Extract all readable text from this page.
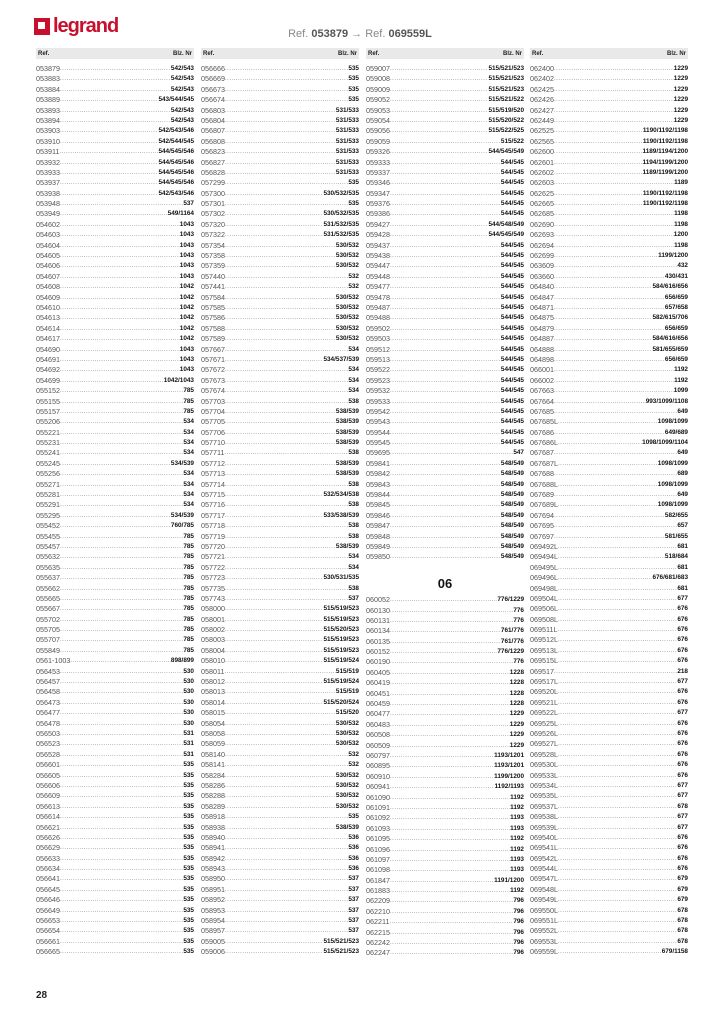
legrand	Ref. 053879 → Ref. 069559L
Ref.	Blz. Nr
053879 .....	542/543
053883 .....	542/543
053884 .....	542/543
053889 .....	543/544/545
053893 .....	542/543
053894 .....	542/543
053903 .....	542/543/546
053910 .....	542/544/545
053911 .....	544/545/546
053932 .....	544/545/546
053933 .....	544/545/546
053937 .....	544/545/546
053938 .....	542/543/546
053948 .....	537
053949 .....	549/1164
054602 .....	1043
054603 .....	1043
054604 .....	1043
054605 .....	1043
054606 .....	1043
054607 .....	1043
054608 .....	1042
054609 .....	1042
054610 .....	1042
054613 .....	1042
054614 .....	1042
054617 .....	1042
054690 .....	1043
054691 .....	1043
054692 .....	1043
054699 .....	1042/1043
055152 .....	785
055155 .....	785
055157 .....	785
055206 .....	534
055221 .....	534
055231 .....	534
055241 .....	534
055245 .....	534/539
055256 .....	534
055271 .....	534
055281 .....	534
055291 .....	534
055295 .....	534/539
055452 .....	760/785
055455 .....	785
055457 .....	785
055632 .....	785
055635 .....	785
055637 .....	785
055662 .....	785
055665 .....	785
055667 .....	785
055702 .....	785
055705 .....	785
055707 .....	785
055849 .....	785
0561-1003 .....	898/899
056453 .....	530
056457 .....	530
056458 .....	530
056473 .....	530
056477 .....	530
056478 .....	530
056503 .....	531
056523 .....	531
056528 .....	531
056601 .....	535
056605 .....	535
056606 .....	535
056609 .....	535
056613 .....	535
056614 .....	535
056621 .....	535
056626 .....	535
056629 .....	535
056633 .....	535
056634 .....	535
056641 .....	535
056645 .....	535
056646 .....	535
056649 .....	535
056653 .....	535
056654 .....	535
056661 .....	535
056665 .....	535
Ref.	Blz. Nr
056666 .....	535
056669 .....	535
056673 .....	535
056674 .....	535
056803 .....	531/533
056804 .....	531/533
056807 .....	531/533
056808 .....	531/533
056823 .....	531/533
056827 .....	531/533
056828 .....	531/533
057299 .....	535
057300 .....	530/532/535
057301 .....	535
057302 .....	530/532/535
057320 .....	531/532/535
057322 .....	531/532/535
057354 .....	530/532
057358 .....	530/532
057359 .....	530/532
057440 .....	532
057441 .....	532
057584 .....	530/532
057585 .....	530/532
057586 .....	530/532
057588 .....	530/532
057589 .....	530/532
057667 .....	534
057671 .....	534/537/539
057672 .....	534
057673 .....	534
057674 .....	534
057703 .....	538
057704 .....	538/539
057705 .....	538/539
057706 .....	538/539
057710 .....	538/539
057711 .....	538
057712 .....	538/539
057713 .....	538/539
057714 .....	538
057715 .....	532/534/538
057716 .....	538
057717 .....	533/538/539
057718 .....	538
057719 .....	538
057720 .....	538/539
057721 .....	534
057722 .....	534
057723 .....	530/531/535
057735 .....	538
057743 .....	537
058000 .....	515/519/523
058001 .....	515/519/523
058002 .....	515/520/523
058003 .....	515/519/523
058004 .....	515/519/523
058010 .....	515/519/524
058011 .....	515/519
058012 .....	515/519/524
058013 .....	515/519
058014 .....	515/520/524
058015 .....	515/520
058054 .....	530/532
058058 .....	530/532
058059 .....	530/532
058140 .....	532
058141 .....	532
058284 .....	530/532
058286 .....	530/532
058288 .....	530/532
058289 .....	530/532
058918 .....	535
058938 .....	538/539
058940 .....	536
058941 .....	536
058942 .....	536
058943 .....	536
058950 .....	537
058951 .....	537
058952 .....	537
058953 .....	537
058954 .....	537
058957 .....	537
059005 .....	515/521/523
059006 .....	515/521/523
Ref.	Blz. Nr
059007 .....	515/521/523
059008 .....	515/521/523
059009 .....	515/521/523
059052 .....	515/521/522
059053 .....	515/519/520
059054 .....	515/520/522
059056 .....	515/522/525
059059 .....	515/522
059326 .....	544/545/549
059333 .....	544/545
059337 .....	544/545
059346 .....	544/545
059347 .....	544/545
059376 .....	544/545
059386 .....	544/545
059427 .....	544/548/549
059428 .....	544/545/549
059437 .....	544/545
059438 .....	544/545
059447 .....	544/545
059448 .....	544/545
059477 .....	544/545
059478 .....	544/545
059487 .....	544/545
059488 .....	544/545
059502 .....	544/545
059503 .....	544/545
059512 .....	544/545
059513 .....	544/545
059522 .....	544/545
059523 .....	544/545
059532 .....	544/545
059533 .....	544/545
059542 .....	544/545
059543 .....	544/545
059544 .....	544/545
059545 .....	544/545
059695 .....	547
059841 .....	548/549
059842 .....	548/549
059843 .....	548/549
059844 .....	548/549
059845 .....	548/549
059846 .....	548/549
059847 .....	548/549
059848 .....	548/549
059849 .....	548/549
059850 .....	548/549
06
060052 .....	776/1229
060130 .....	776
060131 .....	776
060134 .....	761/776
060135 .....	761/776
060152 .....	776/1229
060190 .....	776
060405 .....	1228
060419 .....	1228
060451 .....	1228
060459 .....	1228
060477 .....	1229
060483 .....	1229
060508 .....	1229
060509 .....	1229
060797 .....	1193/1201
060895 .....	1193/1201
060910 .....	1199/1200
060941 .....	1192/1193
061090 .....	1192
061091 .....	1192
061092 .....	1193
061093 .....	1193
061095 .....	1192
061096 .....	1192
061097 .....	1193
061098 .....	1193
061847 .....	1191/1200
061883 .....	1192
062209 .....	796
062210 .....	796
062211 .....	796
062215 .....	796
062242 .....	796
062247 .....	796
Ref.	Blz. Nr
062400 .....	1229
062402 .....	1229
062425 .....	1229
062426 .....	1229
062427 .....	1229
062449 .....	1229
062525 .....	1190/1192/1198
062565 .....	1190/1192/1198
062600 .....	1189/1194/1200
062601 .....	1194/1199/1200
062602 .....	1189/1199/1200
062603 .....	1189
062625 .....	1190/1192/1198
062665 .....	1190/1192/1198
062685 .....	1198
062690 .....	1198
062693 .....	1200
062694 .....	1198
062699 .....	1199/1200
063609 .....	432
063660 .....	430/431
064840 .....	584/616/656
064847 .....	656/659
064871 .....	657/658
064875 .....	582/615/706
064879 .....	656/659
064887 .....	584/616/656
064888 .....	581/655/659
064898 .....	656/659
066001 .....	1192
066002 .....	1192
067663 .....	1099
067664 .....	993/1099/1108
067685 .....	649
067685L .....	1098/1099
067686 .....	649/689
067686L .....	1098/1099/1104
067687 .....	649
067687L .....	1098/1099
067688 .....	689
067688L .....	1098/1099
067689 .....	649
067689L .....	1098/1099
067694 .....	582/655
067695 .....	657
067697 .....	581/655
069492L .....	681
069494L .....	518/684
069495L .....	681
069496L .....	676/681/683
069498L .....	681
069504L .....	677
069506L .....	676
069508L .....	676
069511L .....	676
069512L .....	676
069513L .....	676
069515L .....	676
069517 .....	218
069517L .....	677
069520L .....	676
069521L .....	676
069522L .....	677
069525L .....	676
069526L .....	676
069527L .....	676
069528L .....	676
069530L .....	676
069533L .....	676
069534L .....	677
069535L .....	677
069537L .....	678
069538L .....	677
069539L .....	677
069540L .....	676
069541L .....	676
069542L .....	676
069544L .....	676
069547L .....	679
069548L .....	679
069549L .....	679
069550L .....	678
069551L .....	678
069552L .....	678
069553L .....	678
069559L .....	679/1158
28
